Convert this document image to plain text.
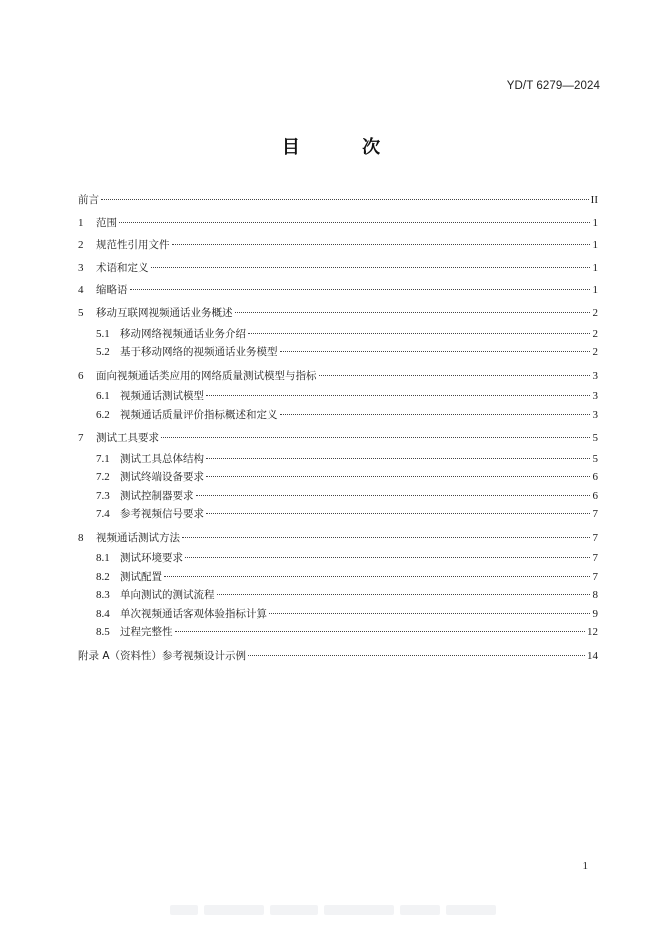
YD/T 6279—2024
目 次
前言	II
1	范围	1
2	规范性引用文件	1
3	术语和定义	1
4	缩略语	1
5	移动互联网视频通话业务概述	2
5.1 移动网络视频通话业务介绍	2
5.2 基于移动网络的视频通话业务模型	2
6	面向视频通话类应用的网络质量测试模型与指标	3
6.1 视频通话测试模型	3
6.2 视频通话质量评价指标概述和定义	3
7	测试工具要求	5
7.1 测试工具总体结构	5
7.2 测试终端设备要求	6
7.3 测试控制器要求	6
7.4 参考视频信号要求	7
8	视频通话测试方法	7
8.1 测试环境要求	7
8.2 测试配置	7
8.3 单向测试的测试流程	8
8.4 单次视频通话客观体验指标计算	9
8.5 过程完整性	12
附录 A（资料性）参考视频设计示例	14
1
